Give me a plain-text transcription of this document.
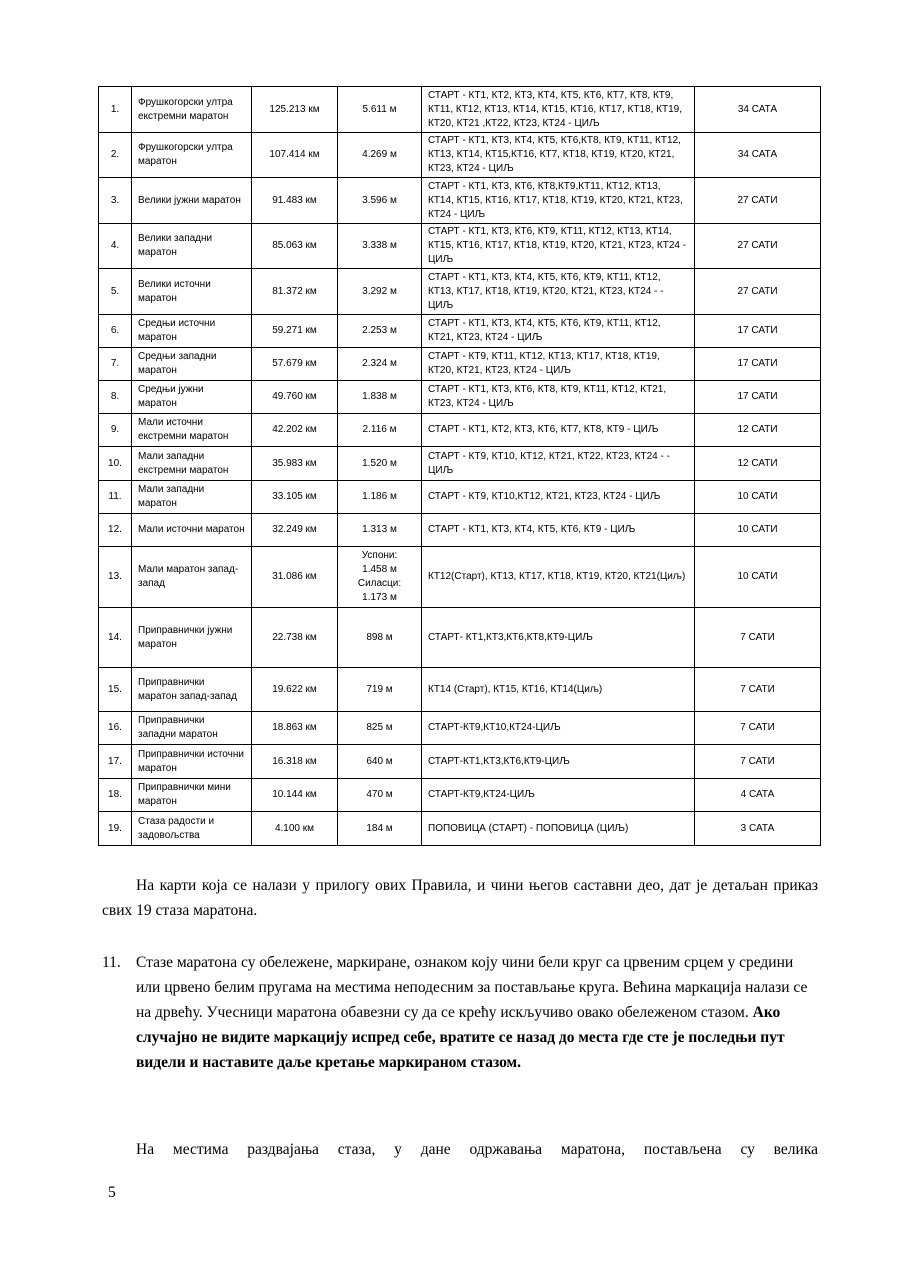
1.	Фрушкогорски ултра екстремни маратон	125.213 км	5.611 м	СТАРТ - КТ1, КТ2, КТ3, КТ4, КТ5, КТ6, КТ7, КТ8, КТ9, КТ11, КТ12, КТ13, КТ14, КТ15, КТ16, КТ17, КТ18, КТ19, КТ20, КТ21 ,КТ22, КТ23, КТ24 - ЦИЉ	34 САТА
2.	Фрушкогорски ултра маратон	107.414 км	4.269 м	СТАРТ - КТ1, КТ3, КТ4, КТ5, КТ6,КТ8, КТ9, КТ11, КТ12, КТ13, КТ14, КТ15,КТ16, КТ7, КТ18, КТ19, КТ20, КТ21, КТ23, КТ24 - ЦИЉ	34 САТА
3.	Велики јужни маратон	91.483 км	3.596 м	СТАРТ - КТ1, КТ3, КТ6, КТ8,КТ9,КТ11, КТ12, КТ13, КТ14, КТ15, КТ16, КТ17, КТ18, КТ19, КТ20, КТ21, КТ23, КТ24 - ЦИЉ	27 САТИ
4.	Велики западни маратон	85.063 км	3.338 м	СТАРТ - КТ1, КТ3, КТ6, КТ9, КТ11, КТ12, КТ13, КТ14, КТ15, КТ16, КТ17, КТ18, КТ19, КТ20, КТ21, КТ23, КТ24 - ЦИЉ	27 САТИ
5.	Велики источни маратон	81.372 км	3.292 м	СТАРТ - КТ1, КТ3, КТ4, КТ5, КТ6, КТ9, КТ11, КТ12, КТ13, КТ17, КТ18, КТ19, КТ20, КТ21, КТ23, КТ24 - - ЦИЉ	27 САТИ
6.	Средњи источни маратон	59.271 км	2.253 м	СТАРТ - КТ1, КТ3, КТ4, КТ5, КТ6, КТ9, КТ11, КТ12, КТ21, КТ23, КТ24 - ЦИЉ	17 САТИ
7.	Средњи западни маратон	57.679 км	2.324 м	СТАРТ - КТ9, КТ11, КТ12, КТ13, КТ17, КТ18, КТ19, КТ20, КТ21, КТ23, КТ24 - ЦИЉ	17 САТИ
8.	Средњи јужни маратон	49.760 км	1.838 м	СТАРТ - КТ1, КТ3, КТ6, КТ8, КТ9, КТ11, КТ12, КТ21, КТ23, КТ24 - ЦИЉ	17 САТИ
9.	Мали источни екстремни маратон	42.202 км	2.116 м	СТАРТ - КТ1, КТ2, КТ3, КТ6, КТ7, КТ8, КТ9 - ЦИЉ	12 САТИ
10.	Мали западни екстремни маратон	35.983 км	1.520 м	СТАРТ - КТ9, КТ10, КТ12, КТ21, КТ22, КТ23, КТ24 - - ЦИЉ	12 САТИ
11.	Мали западни маратон	33.105 км	1.186 м	СТАРТ - КТ9, КТ10,КТ12, КТ21, КТ23, КТ24 - ЦИЉ	10 САТИ
12.	Мали источни маратон	32.249 км	1.313 м	СТАРТ - КТ1, КТ3, КТ4, КТ5, КТ6, КТ9 - ЦИЉ	10 САТИ
13.	Мали маратон запад-запад	31.086 км	Успони:
1.458 м
Силасци:
1.173 м	КТ12(Старт), КТ13, КТ17, КТ18, КТ19, КТ20, КТ21(Циљ)	10 САТИ
14.	Приправнички јужни маратон	22.738 км	898 м	СТАРТ- КТ1,КТ3,КТ6,КТ8,КТ9-ЦИЉ	7 САТИ
15.	Приправнички маратон запад-запад	19.622 км	719 м	КТ14 (Старт), КТ15, КТ16, КТ14(Циљ)	7 САТИ
16.	Приправнички западни маратон	18.863 км	825 м	СТАРТ-КТ9,КТ10,КТ24-ЦИЉ	7 САТИ
17.	Приправнички источни маратон	16.318 км	640 м	СТАРТ-КТ1,КТ3,КТ6,КТ9-ЦИЉ	7 САТИ
18.	Приправнички мини маратон	10.144 км	470 м	СТАРТ-КТ9,КТ24-ЦИЉ	4 САТА
19.	Стаза радости и задовољства	4.100 км	184 м	ПОПОВИЦА (СТАРТ) - ПОПОВИЦА (ЦИЉ)	3 САТА
На карти која се налази у прилогу ових Правила, и чини његов саставни део, дат је детаљан приказ свих 19 стаза маратона.
11. Стазе маратона су обележене, маркиране, ознаком коју чини бели круг са црвеним срцем у средини или црвено белим пругама на местима неподесним за постављање круга. Већина маркација налази се на дрвећу. Учесници маратона обавезни су да се крећу искључиво овако обележеном стазом. Ако случајно не видите маркацију испред себе, вратите се назад до места где сте је последњи пут видели и наставите даље кретање маркираном стазом.
На местима раздвајања стаза, у дане одржавања маратона, постављена су велика
5
